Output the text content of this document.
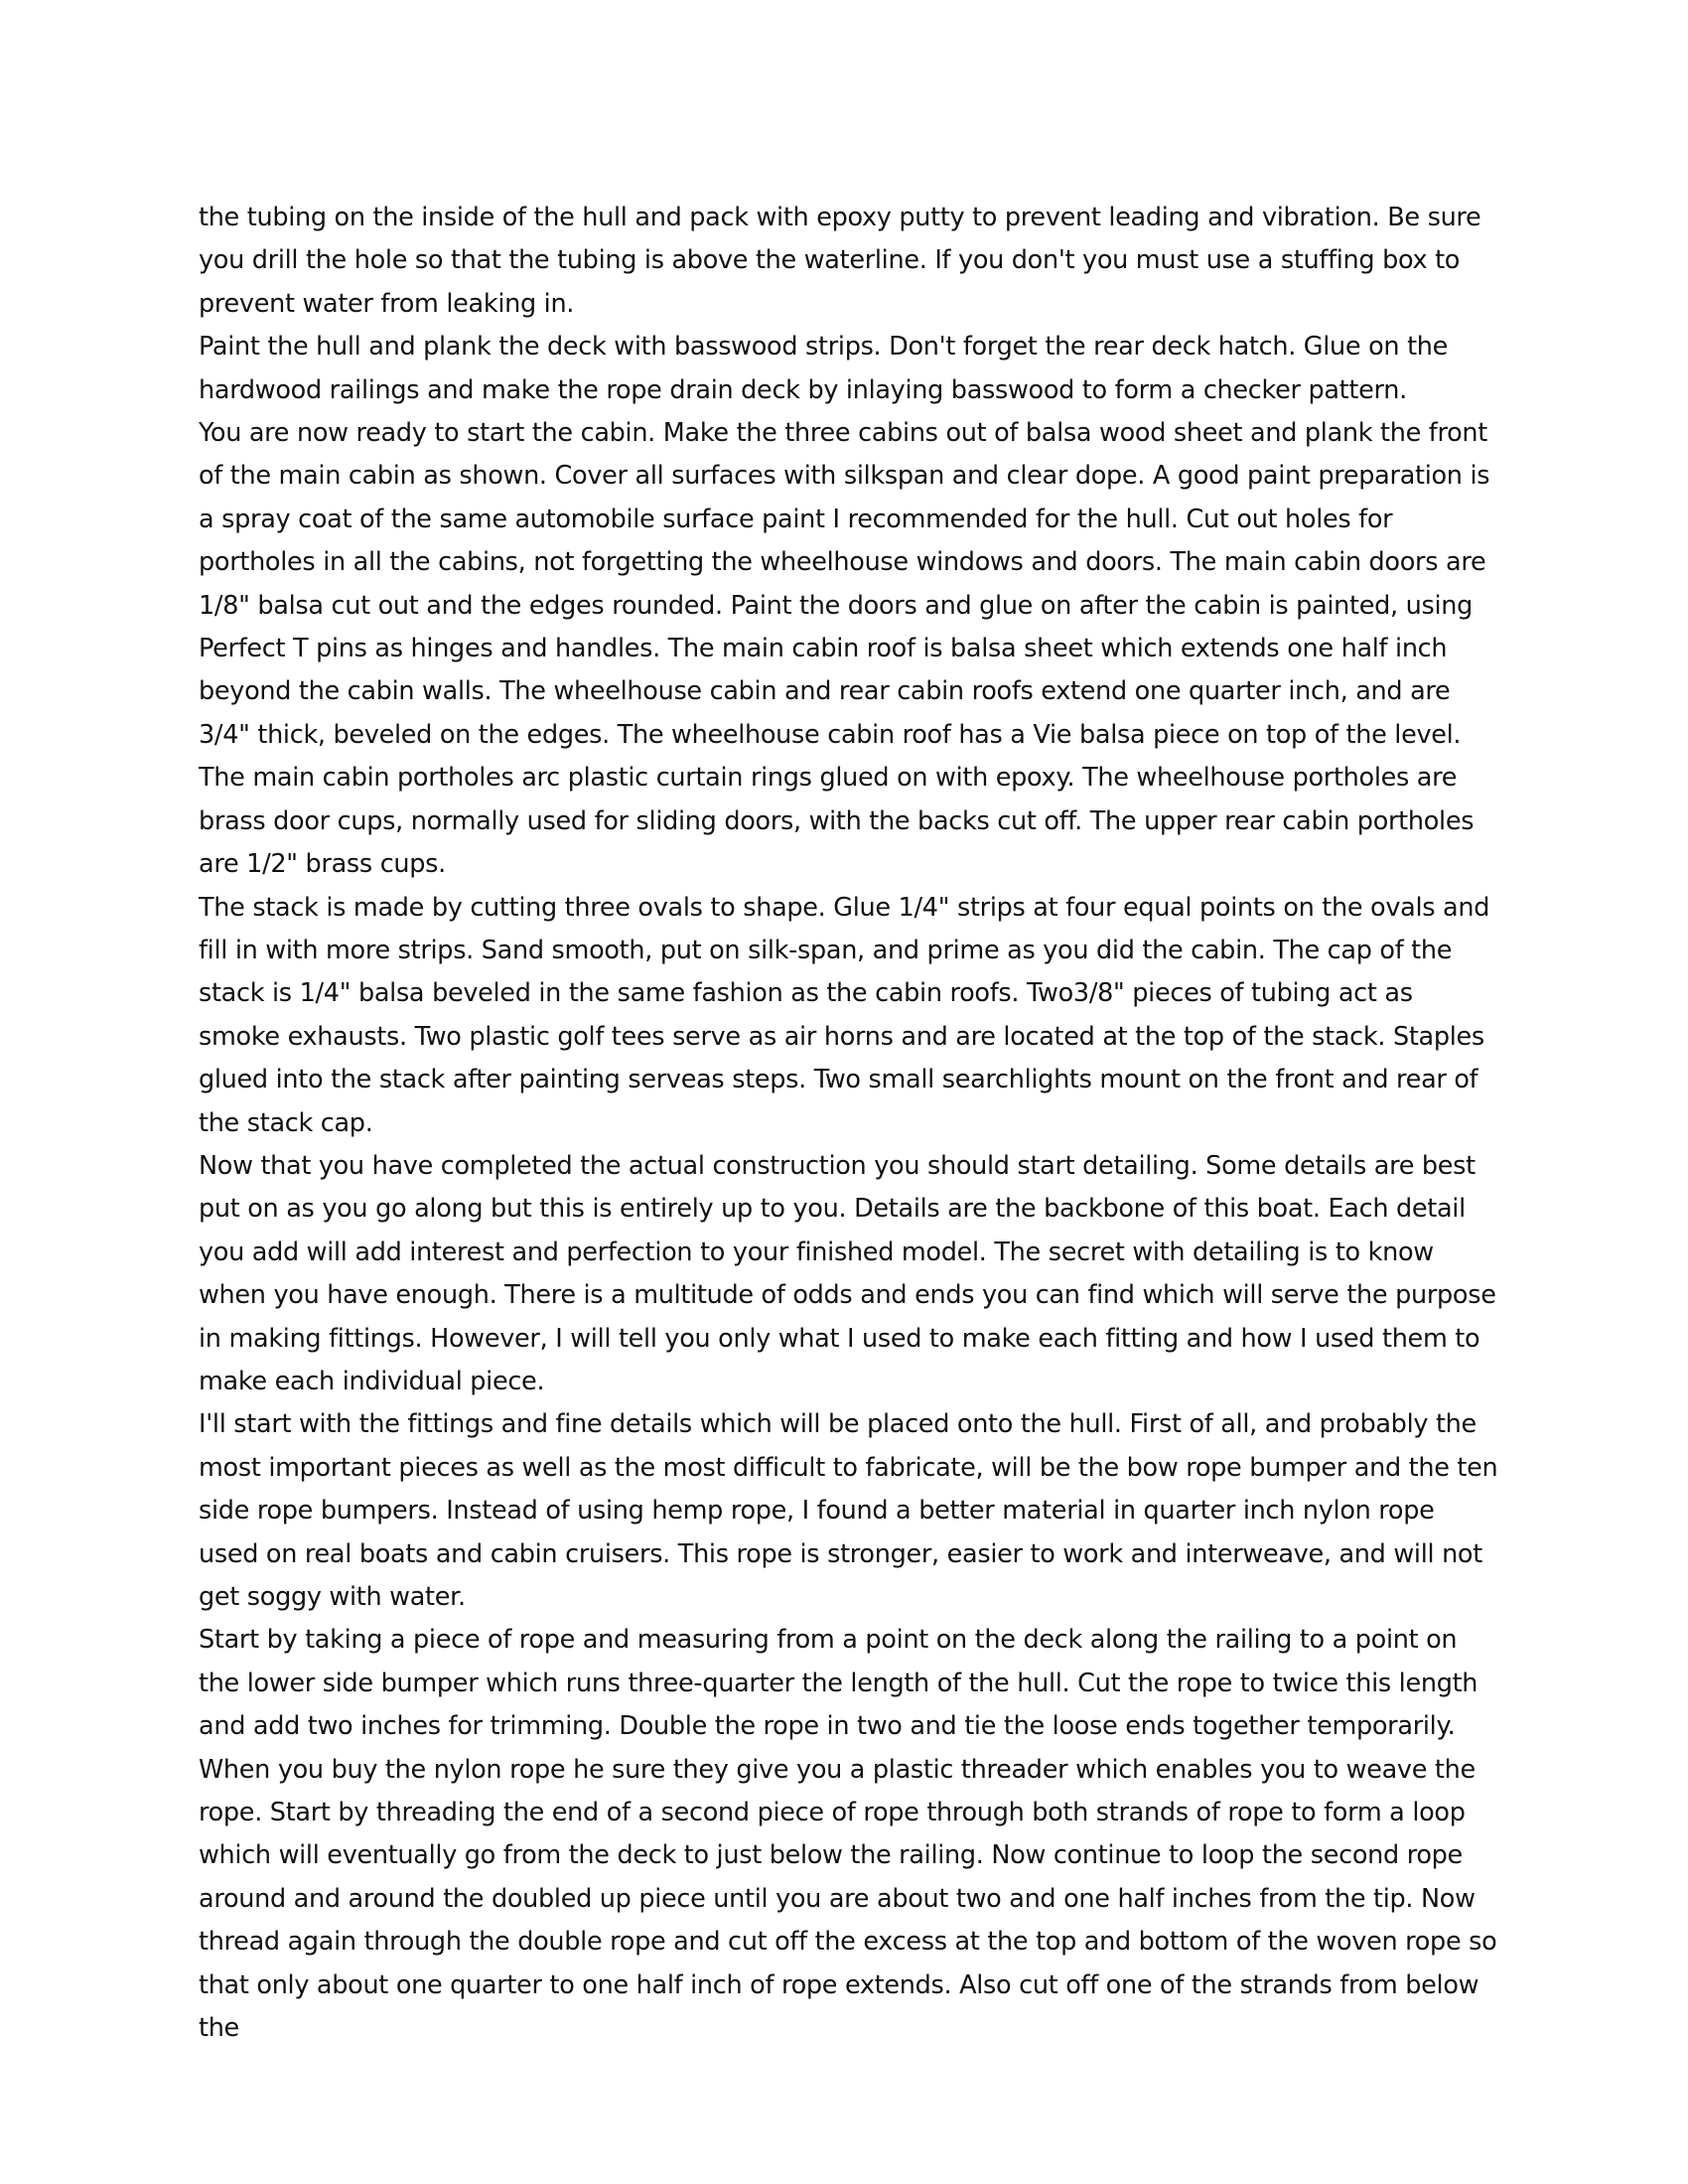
the tubing on the inside of the hull and pack with epoxy putty to prevent leading and vibration. Be sure you drill the hole so that the tubing is above the waterline. If you don't you must use a stuffing box to prevent water from leaking in.

Paint the hull and plank the deck with basswood strips. Don't forget the rear deck hatch. Glue on the hardwood railings and make the rope drain deck by inlaying basswood to form a checker pattern.

You are now ready to start the cabin. Make the three cabins out of balsa wood sheet and plank the front of the main cabin as shown. Cover all surfaces with silkspan and clear dope. A good paint preparation is a spray coat of the same automobile surface paint I recommended for the hull. Cut out holes for portholes in all the cabins, not forgetting the wheelhouse windows and doors. The main cabin doors are 1/8" balsa cut out and the edges rounded. Paint the doors and glue on after the cabin is painted, using Perfect T pins as hinges and handles. The main cabin roof is balsa sheet which extends one half inch beyond the cabin walls. The wheelhouse cabin and rear cabin roofs extend one quarter inch, and are 3/4" thick, beveled on the edges. The wheelhouse cabin roof has a Vie balsa piece on top of the level. The main cabin portholes arc plastic curtain rings glued on with epoxy. The wheelhouse portholes are brass door cups, normally used for sliding doors, with the backs cut off. The upper rear cabin portholes are 1/2" brass cups.

The stack is made by cutting three ovals to shape. Glue 1/4" strips at four equal points on the ovals and fill in with more strips. Sand smooth, put on silk-span, and prime as you did the cabin. The cap of the stack is 1/4" balsa beveled in the same fashion as the cabin roofs. Two3/8" pieces of tubing act as smoke exhausts. Two plastic golf tees serve as air horns and are located at the top of the stack. Staples glued into the stack after painting serveas steps. Two small searchlights mount on the front and rear of the stack cap.

Now that you have completed the actual construction you should start detailing. Some details are best put on as you go along but this is entirely up to you. Details are the backbone of this boat. Each detail you add will add interest and perfection to your finished model. The secret with detailing is to know when you have enough. There is a multitude of odds and ends you can find which will serve the purpose in making fittings. However, I will tell you only what I used to make each fitting and how I used them to make each individual piece.

I'll start with the fittings and fine details which will be placed onto the hull. First of all, and probably the most important pieces as well as the most difficult to fabricate, will be the bow rope bumper and the ten side rope bumpers. Instead of using hemp rope, I found a better material in quarter inch nylon rope used on real boats and cabin cruisers. This rope is stronger, easier to work and interweave, and will not get soggy with water.

Start by taking a piece of rope and measuring from a point on the deck along the railing to a point on the lower side bumper which runs three-quarter the length of the hull. Cut the rope to twice this length and add two inches for trimming. Double the rope in two and tie the loose ends together temporarily. When you buy the nylon rope he sure they give you a plastic threader which enables you to weave the rope. Start by threading the end of a second piece of rope through both strands of rope to form a loop which will eventually go from the deck to just below the railing. Now continue to loop the second rope around and around the doubled up piece until you are about two and one half inches from the tip. Now thread again through the double rope and cut off the excess at the top and bottom of the woven rope so that only about one quarter to one half inch of rope extends. Also cut off one of the strands from below the
